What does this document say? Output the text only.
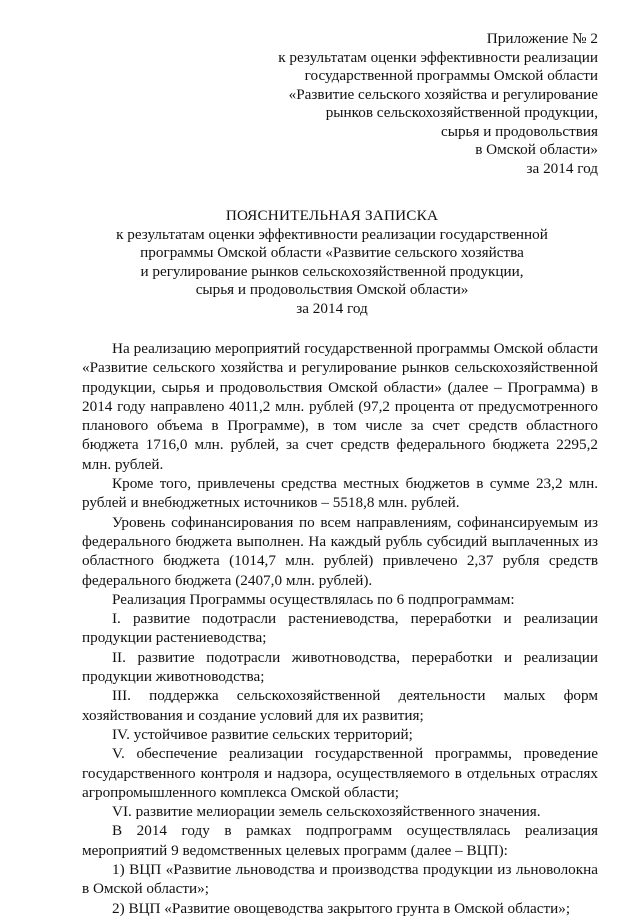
Приложение № 2
к результатам оценки эффективности реализации
государственной программы Омской области
«Развитие сельского хозяйства и регулирование
рынков сельскохозяйственной продукции,
сырья и продовольствия
в Омской области»
за 2014 год
ПОЯСНИТЕЛЬНАЯ ЗАПИСКА
к результатам оценки эффективности реализации государственной
программы Омской области «Развитие сельского хозяйства
и регулирование рынков сельскохозяйственной продукции,
сырья и продовольствия Омской области»
за 2014 год

На реализацию мероприятий государственной программы Омской области «Развитие сельского хозяйства и регулирование рынков сельскохозяйственной продукции, сырья и продовольствия Омской области» (далее – Программа) в 2014 году направлено 4011,2 млн. рублей (97,2 процента от предусмотренного планового объема в Программе), в том числе за счет средств областного бюджета 1716,0 млн. рублей, за счет средств федерального бюджета 2295,2 млн. рублей.

Кроме того, привлечены средства местных бюджетов в сумме 23,2 млн. рублей и внебюджетных источников – 5518,8 млн. рублей.

Уровень софинансирования по всем направлениям, софинансируемым из федерального бюджета выполнен. На каждый рубль субсидий выплаченных из областного бюджета (1014,7 млн. рублей) привлечено 2,37 рубля средств федерального бюджета (2407,0 млн. рублей).

Реализация Программы осуществлялась по 6 подпрограммам:

I. развитие подотрасли растениеводства, переработки и реализации продукции растениеводства;

II. развитие подотрасли животноводства, переработки и реализации продукции животноводства;

III. поддержка сельскохозяйственной деятельности малых форм хозяйствования и создание условий для их развития;

IV. устойчивое развитие сельских территорий;

V. обеспечение реализации государственной программы, проведение государственного контроля и надзора, осуществляемого в отдельных отраслях агропромышленного комплекса Омской области;

VI. развитие мелиорации земель сельскохозяйственного значения.

В 2014 году в рамках подпрограмм осуществлялась реализация мероприятий 9 ведомственных целевых программ (далее – ВЦП):

1) ВЦП «Развитие льноводства и производства продукции из льноволокна в Омской области»;

2) ВЦП «Развитие овощеводства закрытого грунта в Омской области»;
